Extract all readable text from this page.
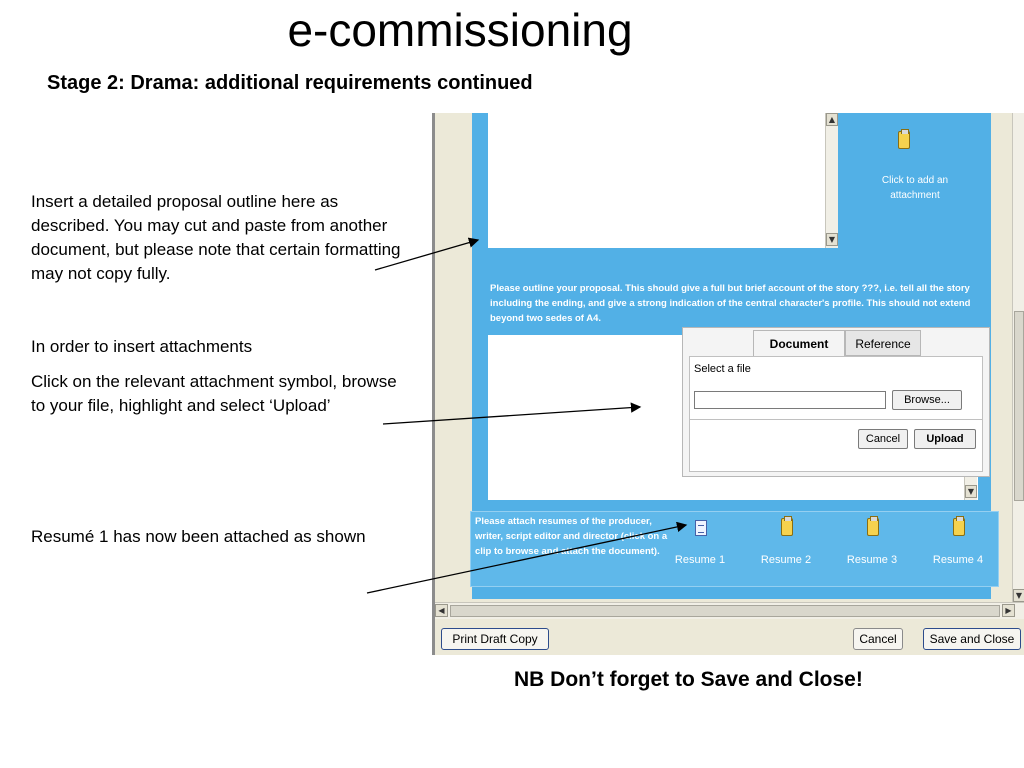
e-commissioning
Stage 2: Drama: additional requirements continued
Insert a detailed proposal outline here as described. You may cut and paste from another document, but please note that certain formatting may not copy fully.
In order to insert attachments
Click on the relevant attachment symbol, browse to your file, highlight and select ‘Upload’
Resumé 1 has now been attached as shown
NB Don’t forget to Save and Close!
▲
▼
Click to add an attachment
Please outline your proposal. This should give a full but brief account of the story ???, i.e. tell all the story including the ending, and give a strong indication of the central character's profile. This should not extend beyond two sedes of A4.
▼
Document	Reference
Select a file
Browse...
Cancel	Upload
Please attach resumes of the producer, writer, script editor and director (click on a clip to browse and attach the document).
Resume 1	Resume 2	Resume 3	Resume 4
▼
◀	▶
Print Draft Copy	Cancel	Save and Close
